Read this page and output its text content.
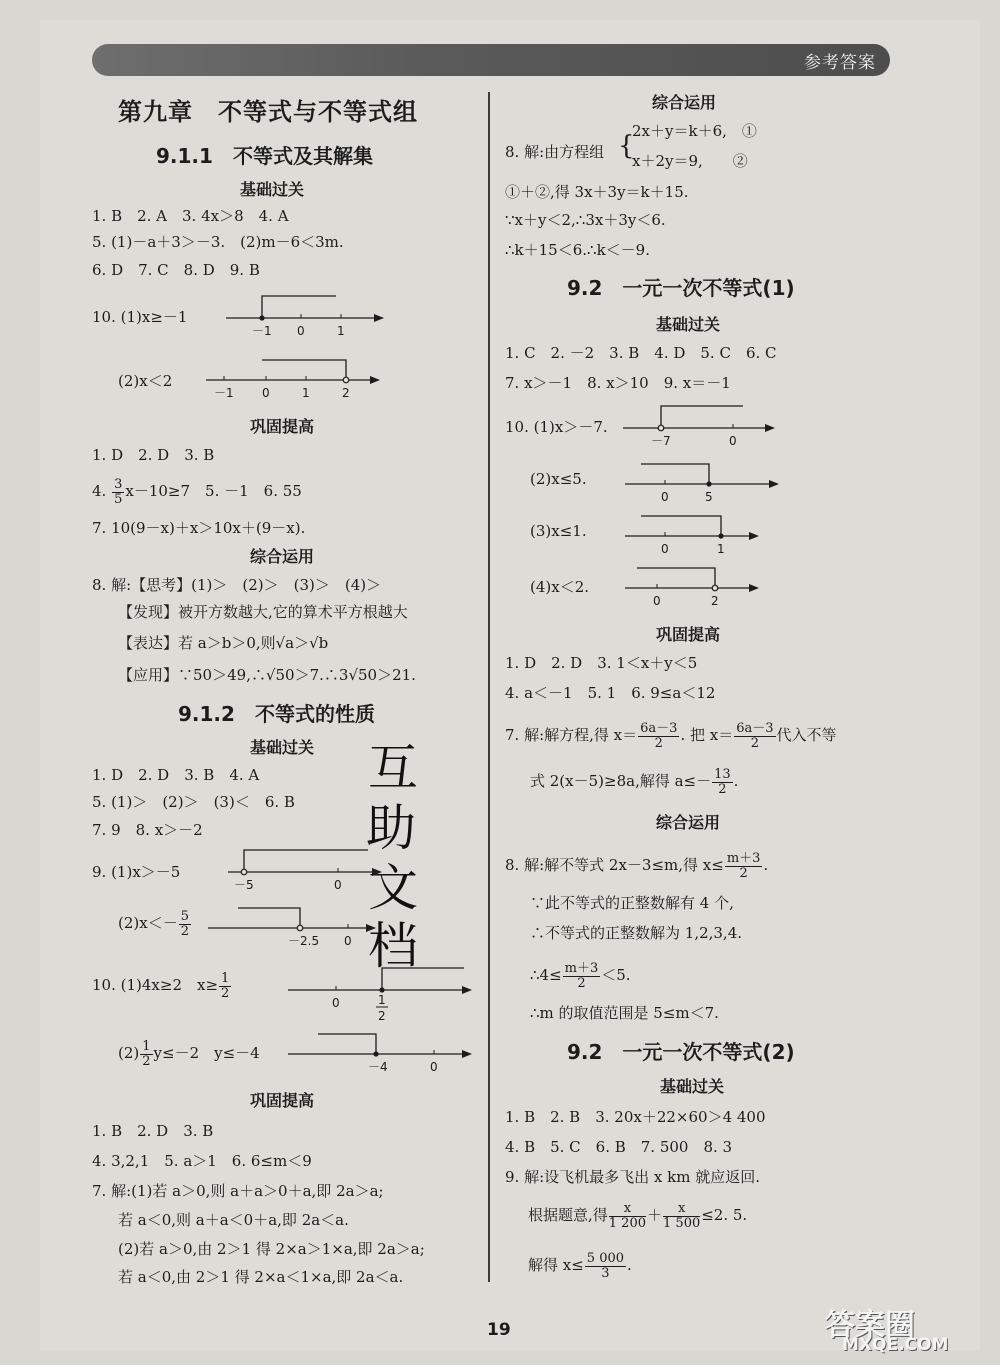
参考答案
第九章　不等式与不等式组
9.1.1　不等式及其解集
基础过关
1. B　2. A　3. 4x＞8　4. A
5. (1)－a＋3＞－3.　(2)m－6＜3m.
6. D　7. C　8. D　9. B
10. (1)x≥－1
－1 0	1
(2)x＜2
－1 0	1	2
巩固提高
1. D　2. D　3. B
4. $\frac{3}{5} x-10\ge 7$　5. －1　6. 55
7. 10(9－x)＋x＞10x＋(9－x).
综合运用
8. 解:【思考】(1)＞　(2)＞　(3)＞　(4)＞
【发现】被开方数越大,它的算术平方根越大
【表达】若 a＞b＞0,则√a＞√b
【应用】∵50＞49,∴√50＞7.∴3√50＞21.
9.1.2　不等式的性质
基础过关
1. D　2. D　3. B　4. A
5. (1)＞　(2)＞　(3)＜　6. B
7. 9　8. x＞－2
9. (1)x＞－5
－5	0
$(2)x<- \frac{5}{2}$
－2.5 0
10. (1)4x≥2　$x\ge \frac{1}{2}$
0	1
2
$(2) \frac{1}{2} y\le-2$　y≤－4
－4	0
巩固提高
1. B　2. D　3. B
4. 3,2,1　5. a＞1　6. 6≤m＜9
7. 解:(1)若 a＞0,则 a＋a＞0＋a,即 2a＞a;
若 a＜0,则 a＋a＜0＋a,即 2a＜a.
(2)若 a＞0,由 2＞1 得 2×a＞1×a,即 2a＞a;
若 a＜0,由 2＞1 得 2×a＜1×a,即 2a＜a.
互
助
文
档
综合运用
8. 解:由方程组 {
2x＋y＝k＋6,　①
x＋2y＝9,　　②
①＋②,得 3x＋3y＝k＋15.
∵x＋y＜2,∴3x＋3y＜6.
∴k＋15＜6.∴k＜－9.
9.2　一元一次不等式(1)
基础过关
1. C　2. －2　3. B　4. D　5. C　6. C
7. x＞－1　8. x＞10　9. x＝－1
10. (1)x＞－7.
－7	0
(2)x≤5.
0	5
(3)x≤1.
0	1
(4)x＜2.
0	2
巩固提高
1. D　2. D　3. 1＜x＋y＜5
4. a＜－1　5. 1　6. 9≤a＜12
7. 解:解方程,得 $x= \frac{6a-3}{2}$ . 把 $x= \frac{6a-3}{2}$ 代入不等
式 2(x－5)≥8a,解得 $a\le- \frac{13}{2}$ .
综合运用
8. 解:解不等式 2x－3≤m,得 $x\le \frac{m+3}{2}$ .
∵此不等式的正整数解有 4 个,
∴不等式的正整数解为 1,2,3,4.
∴4≤ $\frac{m+3}{2} <5$.
∴m 的取值范围是 5≤m＜7.
9.2　一元一次不等式(2)
基础过关
1. B　2. B　3. 20x＋22×60＞4 400
4. B　5. C　6. B　7. 500　8. 3
9. 解:设飞机最多飞出 x km 就应返回.
根据题意,得 $\frac{x}{1 200} + \frac{x}{1 500} \le 2$. 5.
解得 $x\le \frac{5 000}{3}$ .
19	答案圈
MXQE.COM
